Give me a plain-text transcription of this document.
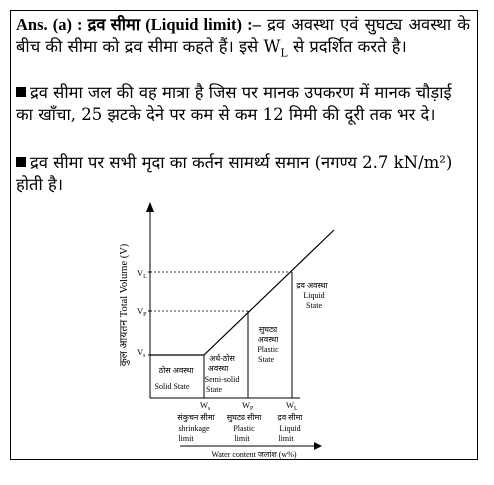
Ans. (a) : द्रव सीमा (Liquid limit) :– द्रव अवस्था एवं सुघट्य अवस्था के बीच की सीमा को द्रव सीमा कहते हैं। इसे $W_L$ से प्रदर्शित करते है।
द्रव सीमा जल की वह मात्रा है जिस पर मानक उपकरण में मानक चौड़ाई का खाँचा, 25 झटके देने पर कम से कम 12 मिमी की दूरी तक भर दे।
द्रव सीमा पर सभी मृदा का कर्तन सामर्थ्य समान (नगण्य 2.7 kN/m²) होती है।
कुल आयतन Total Volume (V) $V_L$
$V_P$
$V_s$
ठोस अवस्था
Solid State
अर्ध-ठोस
अवस्था
Semi-solid
State
सुघट्य
अवस्था
Plastic
State
द्रव अवस्था
Liquid
State
$W_s$	$W_P$	$W_L$
संकुचन सीमा
shrinkage
limit
सुघट्य सीमा
Plastic
limit
द्रव सीमा
Liquid
limit
Water content जलांश (w%)
